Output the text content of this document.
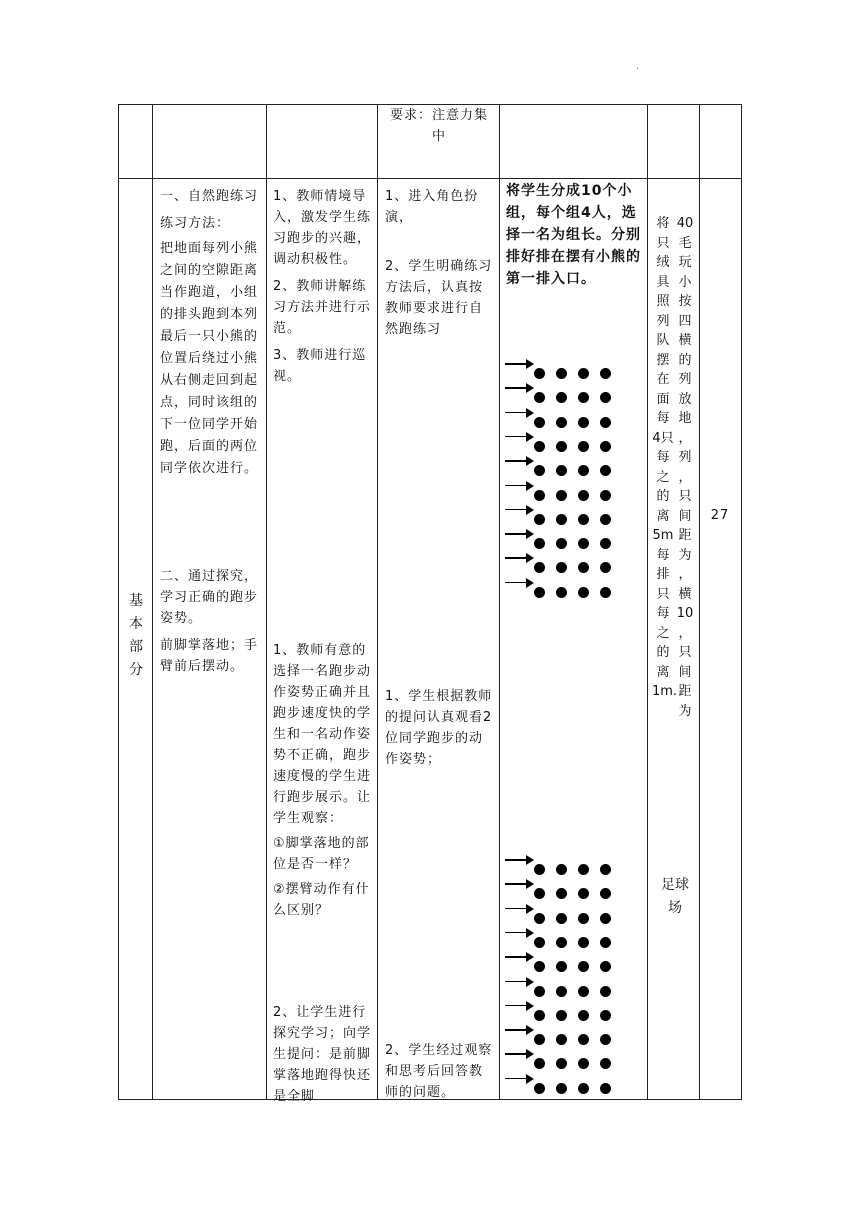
.
要求：注意力集中
基
本
部
分

一、自然跑练习

练习方法：

把地面每列小熊之间的空隙距离当作跑道，小组的排头跑到本列最后一只小熊的位置后绕过小熊从右侧走回到起点，同时该组的下一位同学开始跑，后面的两位同学依次进行。

二、通过探究，学习正确的跑步姿势。

前脚掌落地；手臂前后摆动。

1、教师情境导入，激发学生练习跑步的兴趣，调动积极性。

2、教师讲解练习方法并进行示范。

3、教师进行巡视。

1、教师有意的选择一名跑步动作姿势正确并且跑步速度快的学生和一名动作姿势不正确，跑步速度慢的学生进行跑步展示。让学生观察：

①脚掌落地的部位是否一样？

②摆臂动作有什么区别？

2、让学生进行探究学习；向学生提问：是前脚掌落地跑得快还是全脚

1、进入角色扮演，

2、学生明确练习方法后，认真按教师要求进行自然跑练习

1、学生根据教师的提问认真观看2位同学跑步的动作姿势；

2、学生经过观察和思考后回答教师的问题。

将学生分成10个小组，每个组4人，选择一名为组长。分别排好排在摆有小熊的第一排入口。
将
只
绒
具
照
列
队
摆
在
面
每
4只
每
之
的
离
5m
每
排
只
每
之
的
离
1m.
40
毛
玩
小
按
四
横
的
列
放
地
，
列
，
只
间
距
为
，
横
10
，
只
间
距
为
足球场
27
